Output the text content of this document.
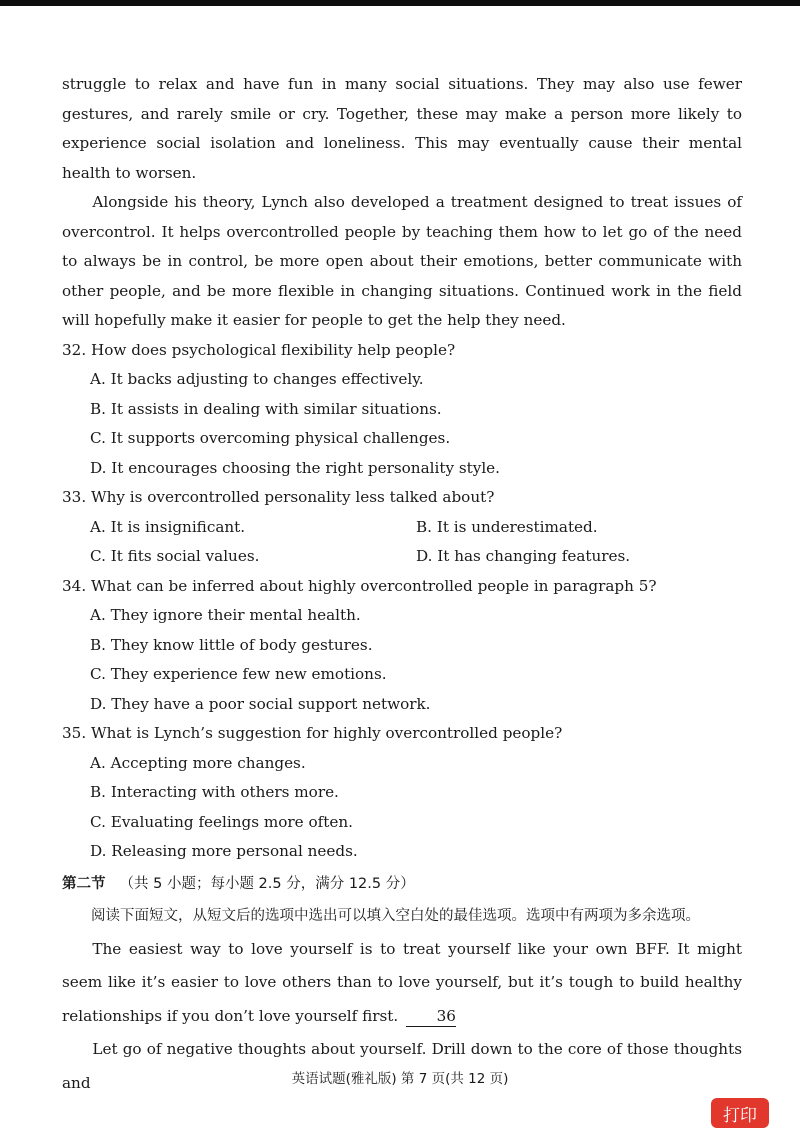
struggle to relax and have fun in many social situations. They may also use fewer gestures, and rarely smile or cry. Together, these may make a person more likely to experience social isolation and loneliness. This may eventually cause their mental health to worsen.

Alongside his theory, Lynch also developed a treatment designed to treat issues of overcontrol. It helps overcontrolled people by teaching them how to let go of the need to always be in control, be more open about their emotions, better communicate with other people, and be more flexible in changing situations. Continued work in the field will hopefully make it easier for people to get the help they need.

32. How does psychological flexibility help people?

A. It backs adjusting to changes effectively.

B. It assists in dealing with similar situations.

C. It supports overcoming physical challenges.

D. It encourages choosing the right personality style.

33. Why is overcontrolled personality less talked about?

A. It is insignificant.	B. It is underestimated.
C. It fits social values.	D. It has changing features.

34. What can be inferred about highly overcontrolled people in paragraph 5?

A. They ignore their mental health.

B. They know little of body gestures.

C. They experience few new emotions.

D. They have a poor social support network.

35. What is Lynch’s suggestion for highly overcontrolled people?

A. Accepting more changes.

B. Interacting with others more.

C. Evaluating feelings more often.

D. Releasing more personal needs.

第二节 （共 5 小题；每小题 2.5 分，满分 12.5 分）

阅读下面短文，从短文后的选项中选出可以填入空白处的最佳选项。选项中有两项为多余选项。

The easiest way to love yourself is to treat yourself like your own BFF. It might seem like it’s easier to love others than to love yourself, but it’s tough to build healthy relationships if you don’t love yourself first.	36

Let go of negative thoughts about yourself. Drill down to the core of those thoughts and	英语试题(雅礼版) 第 7 页(共 12 页)
打印
